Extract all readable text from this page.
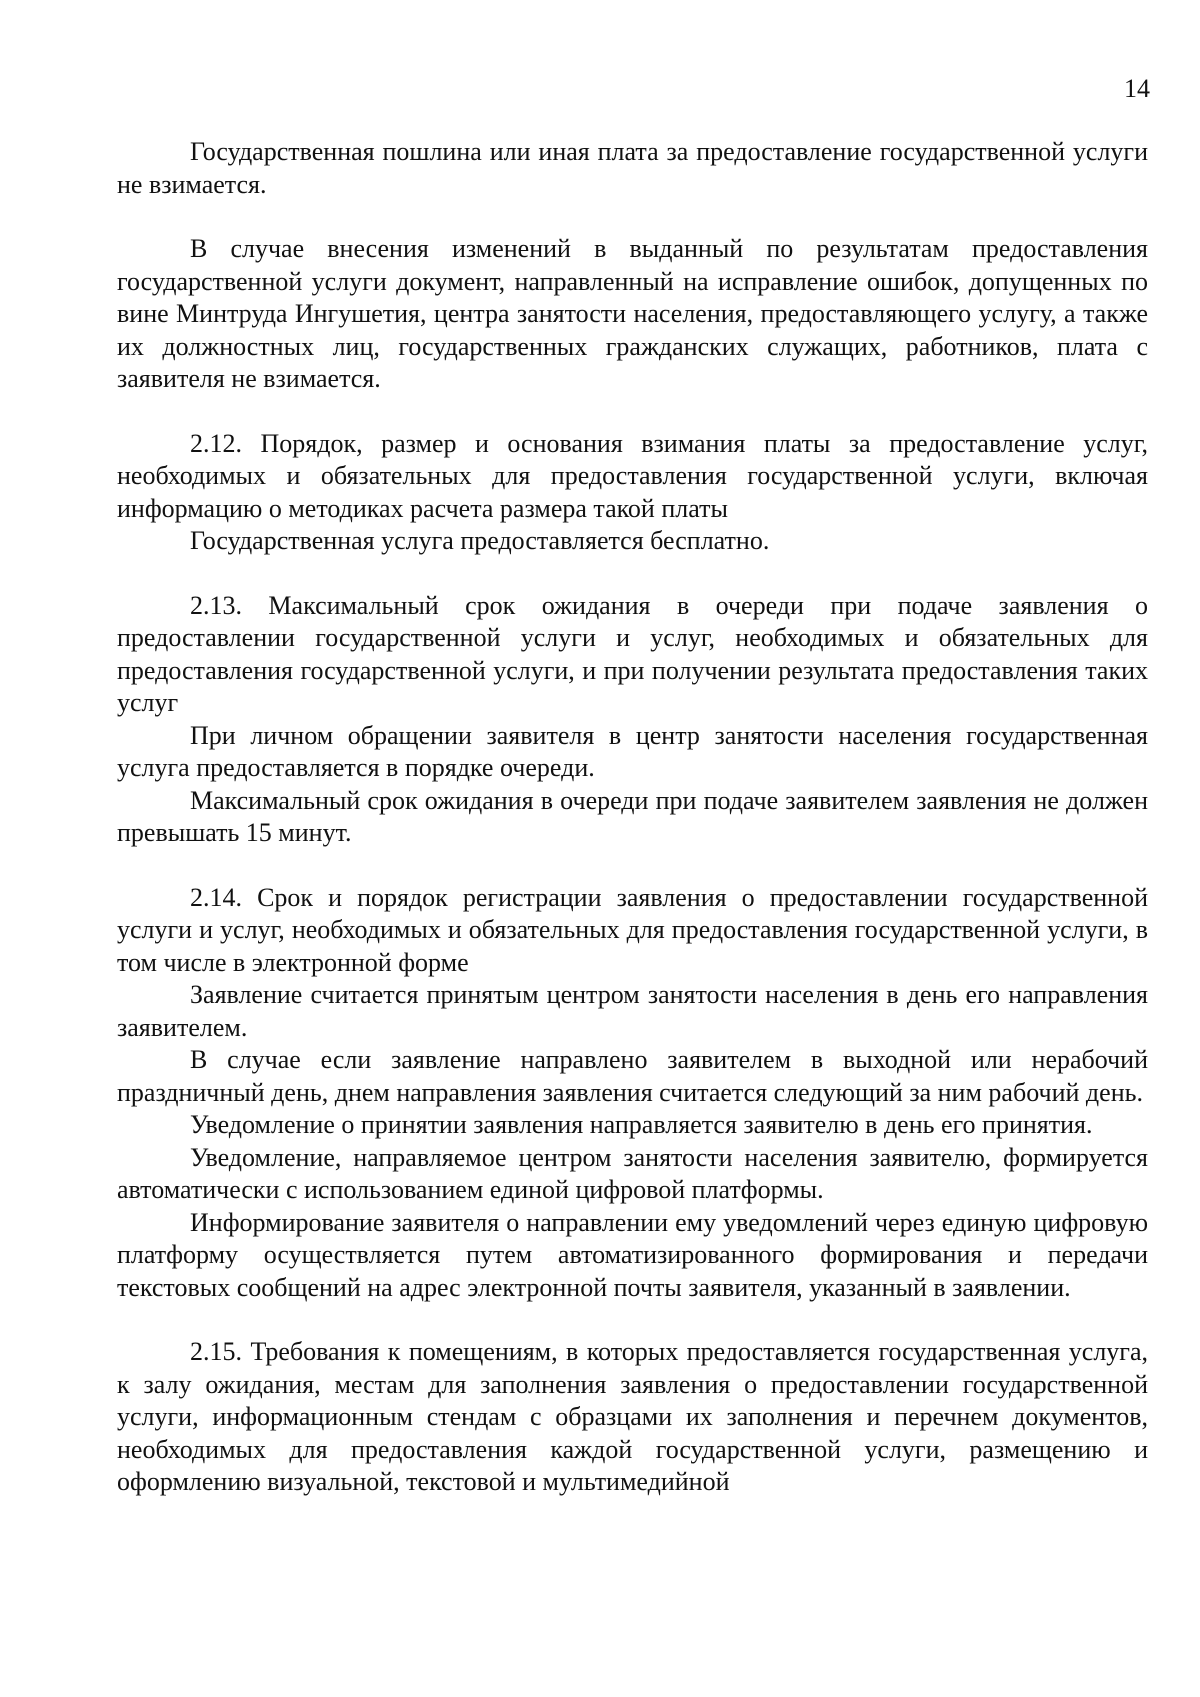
14

Государственная пошлина или иная плата за предоставление государственной услуги не взимается.

В случае внесения изменений в выданный по результатам предоставления государственной услуги документ, направленный на исправление ошибок, допущенных по вине Минтруда Ингушетия, центра занятости населения, предоставляющего услугу, а также их должностных лиц, государственных гражданских служащих, работников, плата с заявителя не взимается.

2.12. Порядок, размер и основания взимания платы за предоставление услуг, необходимых и обязательных для предоставления государственной услуги, включая информацию о методиках расчета размера такой платы

Государственная услуга предоставляется бесплатно.

2.13. Максимальный срок ожидания в очереди при подаче заявления о предоставлении государственной услуги и услуг, необходимых и обязательных для предоставления государственной услуги, и при получении результата предоставления таких услуг

При личном обращении заявителя в центр занятости населения государственная услуга предоставляется в порядке очереди.

Максимальный срок ожидания в очереди при подаче заявителем заявления не должен превышать 15 минут.

2.14. Срок и порядок регистрации заявления о предоставлении государственной услуги и услуг, необходимых и обязательных для предоставления государственной услуги, в том числе в электронной форме

Заявление считается принятым центром занятости населения в день его направления заявителем.

В случае если заявление направлено заявителем в выходной или нерабочий праздничный день, днем направления заявления считается следующий за ним рабочий день.

Уведомление о принятии заявления направляется заявителю в день его принятия.

Уведомление, направляемое центром занятости населения заявителю, формируется автоматически с использованием единой цифровой платформы.

Информирование заявителя о направлении ему уведомлений через единую цифровую платформу осуществляется путем автоматизированного формирования и передачи текстовых сообщений на адрес электронной почты заявителя, указанный в заявлении.

2.15. Требования к помещениям, в которых предоставляется государственная услуга, к залу ожидания, местам для заполнения заявления о предоставлении государственной услуги, информационным стендам с образцами их заполнения и перечнем документов, необходимых для предоставления каждой государственной услуги, размещению и оформлению визуальной, текстовой и мультимедийной
